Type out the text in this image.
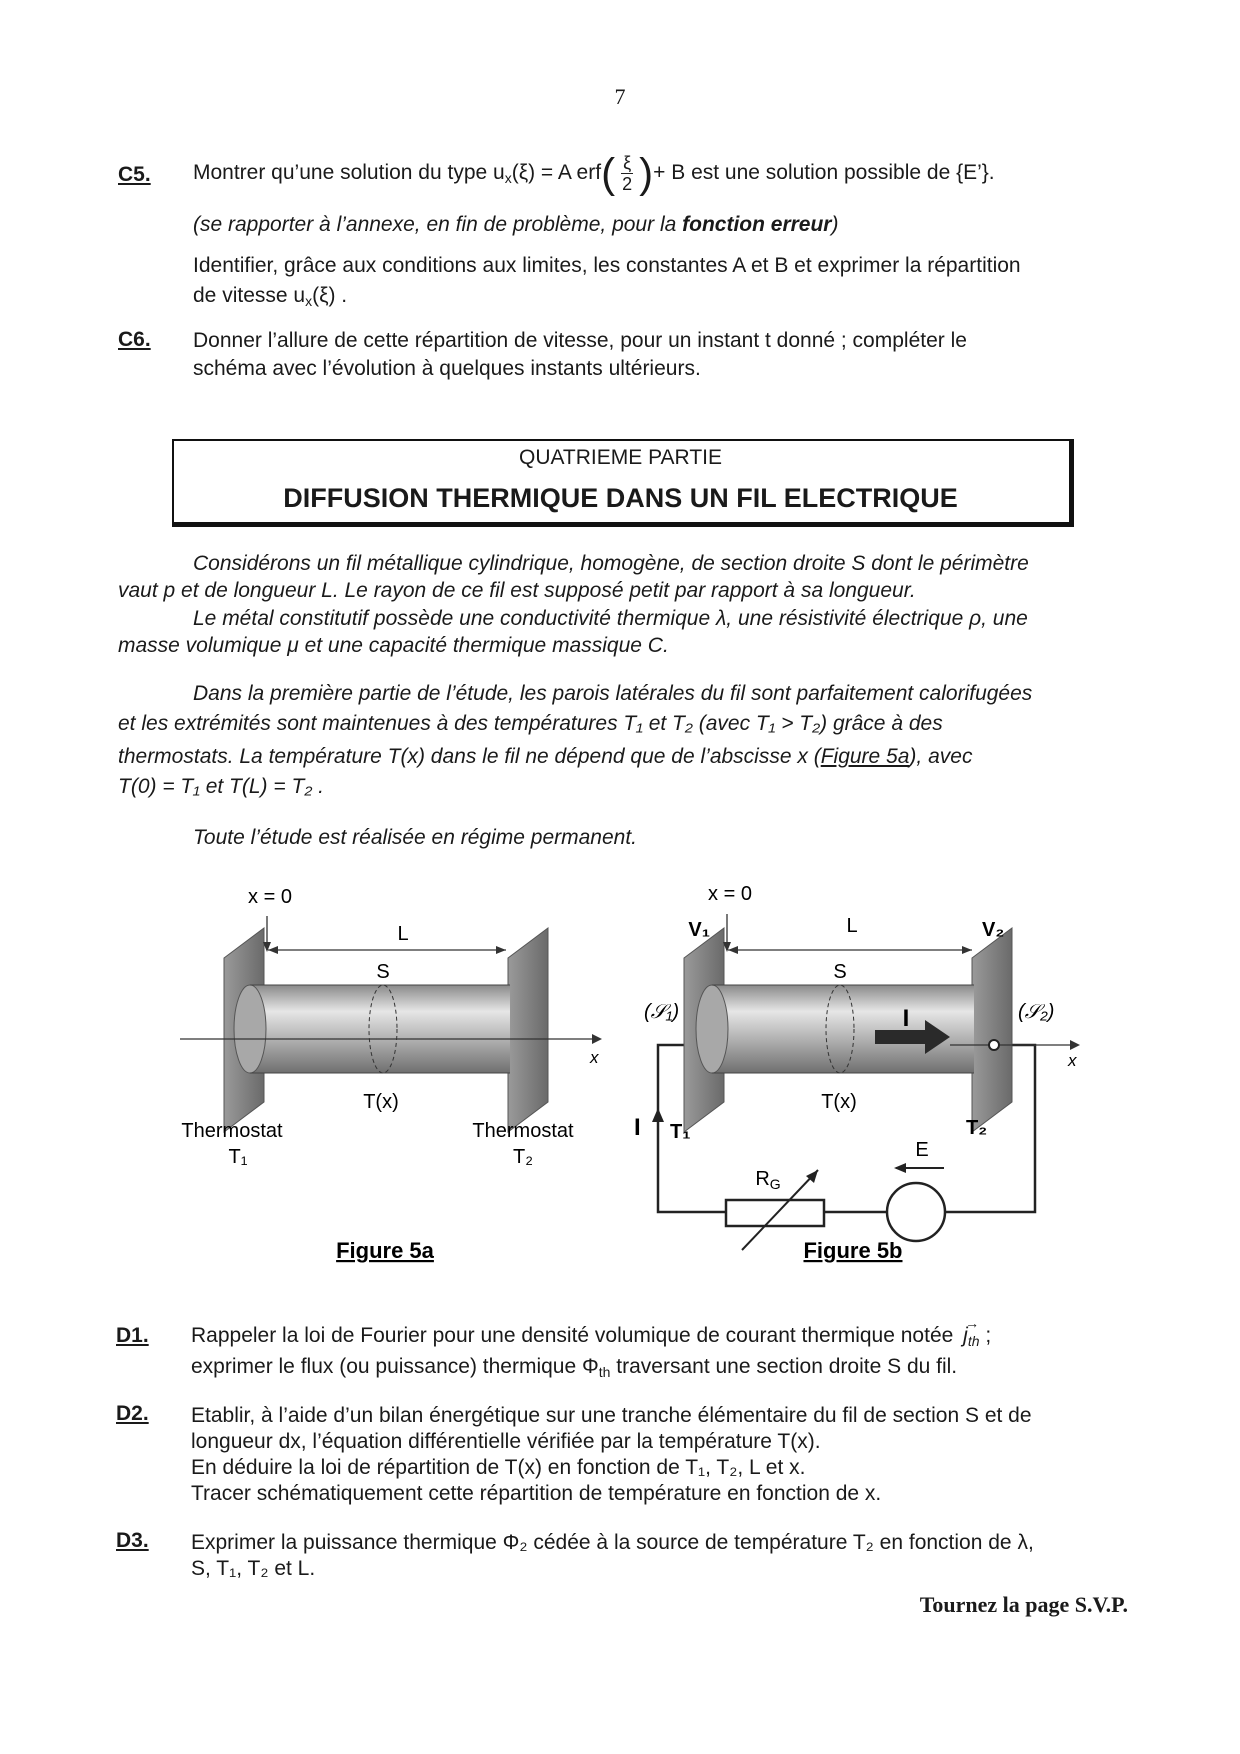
7
C5. Montrer qu’une solution du type $u_x(\xi) = A$ $erf( \frac{\xi}{2}$ )+ B est une solution possible de {E’}.
(se rapporter à l’annexe, en fin de problème, pour la fonction erreur)
Identifier, grâce aux conditions aux limites, les constantes A et B et exprimer la répartition
de vitesse $u_x(\xi)$ .
C6. Donner l’allure de cette répartition de vitesse, pour un instant t donné ; compléter le
schéma avec l’évolution à quelques instants ultérieurs.
QUATRIEME PARTIE
DIFFUSION THERMIQUE DANS UN FIL ELECTRIQUE
Considérons un fil métallique cylindrique, homogène, de section droite S dont le périmètre
vaut p et de longueur L. Le rayon de ce fil est supposé petit par rapport à sa longueur.
Le métal constitutif possède une conductivité thermique λ, une résistivité électrique ρ, une
masse volumique μ et une capacité thermique massique C.
Dans la première partie de l’étude, les parois latérales du fil sont parfaitement calorifugées
et les extrémités sont maintenues à des températures T₁ et T₂ (avec T₁ > T₂) grâce à des
thermostats. La température T(x) dans le fil ne dépend que de l’abscisse x (Figure 5a), avec
T(0) = T₁ et T(L) = T₂ .
Toute l’étude est réalisée en régime permanent.
x = 0
L
S
x
T(x)
Thermostat
T₁
Thermostat
T₂
Figure 5a
I
x = 0
V₁	L	V₂
S
(𝒮₁)	(𝒮₂)
x
T(x)
I T₁	T₂
E
$R_G$
Figure 5b
D1. Rappeler la loi de Fourier pour une densité volumique de courant thermique notée
→
$j_{th}$ ;
exprimer le flux (ou puissance) thermique $\Phi_{th}$ traversant une section droite S du fil.
D2. Etablir, à l’aide d’un bilan énergétique sur une tranche élémentaire du fil de section S et de
longueur dx, l’équation différentielle vérifiée par la température T(x).
En déduire la loi de répartition de T(x) en fonction de T₁, T₂, L et x.
Tracer schématiquement cette répartition de température en fonction de x.
D3. Exprimer la puissance thermique Φ₂ cédée à la source de température T₂ en fonction de λ,
S, T₁, T₂ et L.
Tournez la page S.V.P.
